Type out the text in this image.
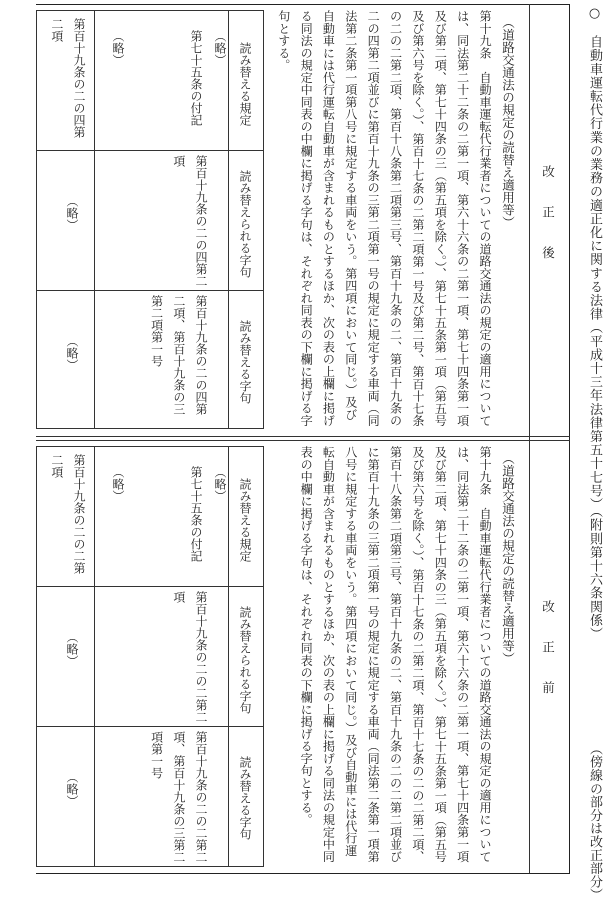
○　自動車運転代行業の業務の適正化に関する法律（平成十三年法律第五十七号）（附則第十六条関係）
（傍線の部分は改正部分）
改正後
（道路交通法の規定の読替え適用等）
第十九条　自動車運転代行業者についての道路交通法の規定の適用については、同法第二十二条の二第一項、第六十六条の二第一項、第七十四条第一項及び第二項、第七十四条の三（第五項を除く。）、第七十五条第一項（第五号及び第六号を除く。）、第百十七条の二第二項第一号及び第二号、第百十七条の二の二第二項、第百十八条第二項第三号、第百十九条の二、第百十九条の二の四第二項並びに第百十九条の三第二項第一号の規定に規定する車両（同法第二条第一項第八号に規定する車両をいう。第四項において同じ。）及び自動車には代行運転自動車が含まれるものとするほか、次の表の上欄に掲げる同法の規定中同表の中欄に掲げる字句は、それぞれ同表の下欄に掲げる字句とする。
読み替える規定
読み替えられる字句
読み替える字句
（略）
第七十五条の付記
第百十九条の二の四第二項
第百十九条の二の四第二項、第百十九条の三第二項第一号
（略）
第百十九条の二の四第二項
（略）
（略）
改正前
（道路交通法の規定の読替え適用等）
第十九条　自動車運転代行業者についての道路交通法の規定の適用については、同法第二十二条の二第一項、第六十六条の二第一項、第七十四条第一項及び第二項、第七十四条の三（第五項を除く。）、第七十五条第一項（第五号及び第六号を除く。）、第百十七条の二第二項、第百十七条の二の二第二項、第百十八条第二項第三号、第百十九条の二、第百十九条の二の二第二項並びに第百十九条の三第二項第一号の規定に規定する車両（同法第二条第一項第八号に規定する車両をいう。第四項において同じ。）及び自動車には代行運転自動車が含まれるものとするほか、次の表の上欄に掲げる同法の規定中同表の中欄に掲げる字句は、それぞれ同表の下欄に掲げる字句とする。
読み替える規定
読み替えられる字句
読み替える字句
（略）
第七十五条の付記
第百十九条の二の二第二項
第百十九条の二の二第二項、第百十九条の三第二項第一号
（略）
第百十九条の二の二第二項
（略）
（略）
